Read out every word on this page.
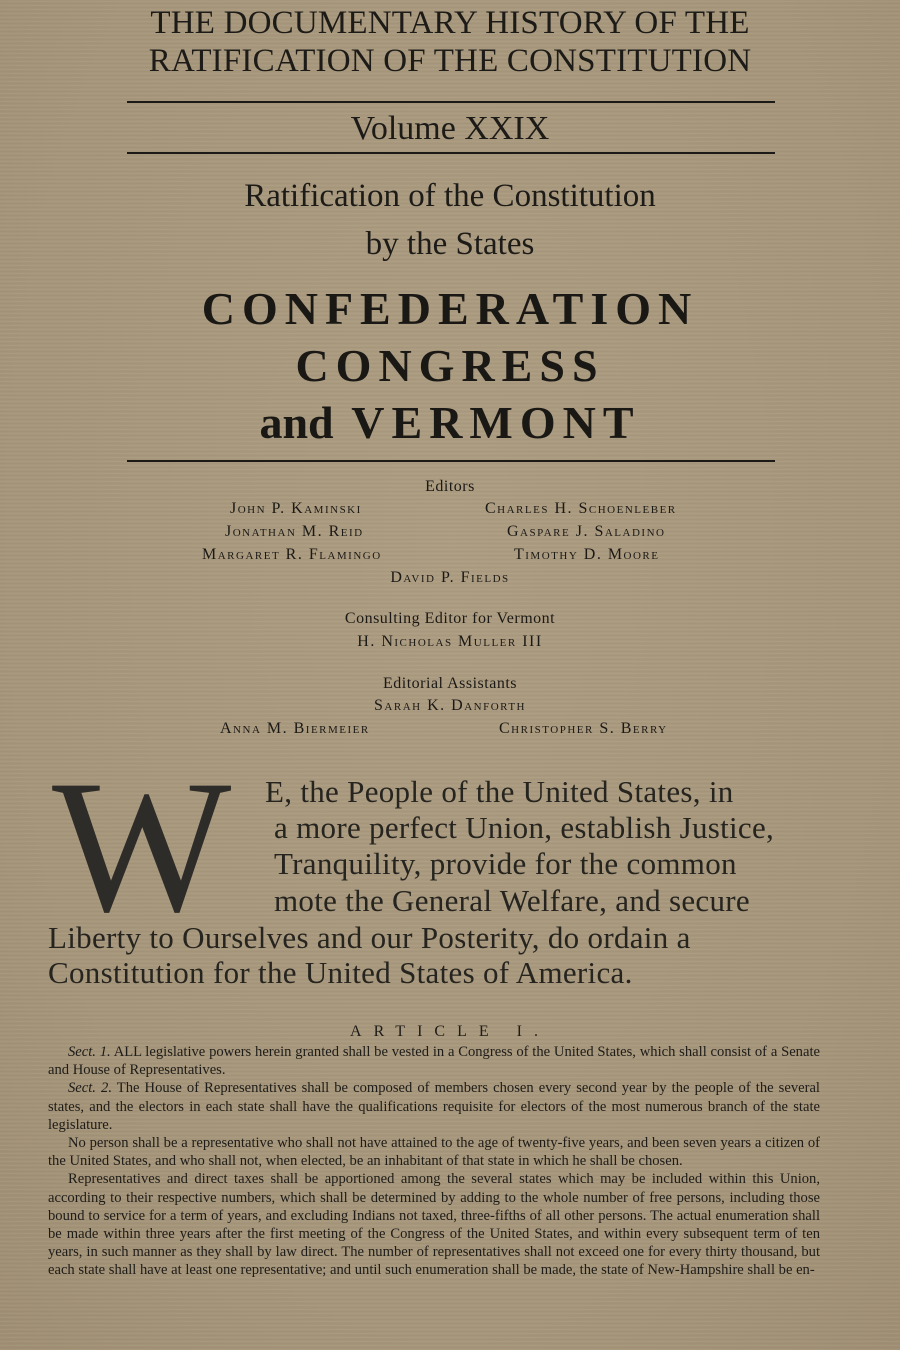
THE DOCUMENTARY HISTORY OF THE
RATIFICATION OF THE CONSTITUTION
Volume XXIX
Ratification of the Constitution
by the States
CONFEDERATION
CONGRESS
and VERMONT
Editors
John P. Kaminski	Charles H. Schoenleber
Jonathan M. Reid	Gaspare J. Saladino
Margaret R. Flamingo	Timothy D. Moore
David P. Fields
Consulting Editor for Vermont
H. Nicholas Muller III
Editorial Assistants
Sarah K. Danforth
Anna M. Biermeier	Christopher S. Berry
W E, the People of the United States, in
a more perfect Union, establish Justice,
Tranquility, provide for the common
mote the General Welfare, and secure
Liberty to Ourselves and our Posterity, do ordain a
Constitution for the United States of America.
ARTICLE I.

Sect. 1. ALL legislative powers herein granted shall be vested in a Congress of the United States, which shall consist of a Senate and House of Representatives.

Sect. 2. The House of Representatives shall be composed of members chosen every second year by the people of the several states, and the electors in each state shall have the qualifications requisite for electors of the most numerous branch of the state legislature.

No person shall be a representative who shall not have attained to the age of twenty-five years, and been seven years a citizen of the United States, and who shall not, when elected, be an inhabitant of that state in which he shall be chosen.

Representatives and direct taxes shall be apportioned among the several states which may be included within this Union, according to their respective numbers, which shall be determined by adding to the whole number of free persons, including those bound to service for a term of years, and excluding Indians not taxed, three-fifths of all other persons. The actual enumeration shall be made within three years after the first meeting of the Congress of the United States, and within every subsequent term of ten years, in such manner as they shall by law direct. The number of representatives shall not exceed one for every thirty thousand, but each state shall have at least one representative; and until such enumeration shall be made, the state of New-Hampshire shall be en-
